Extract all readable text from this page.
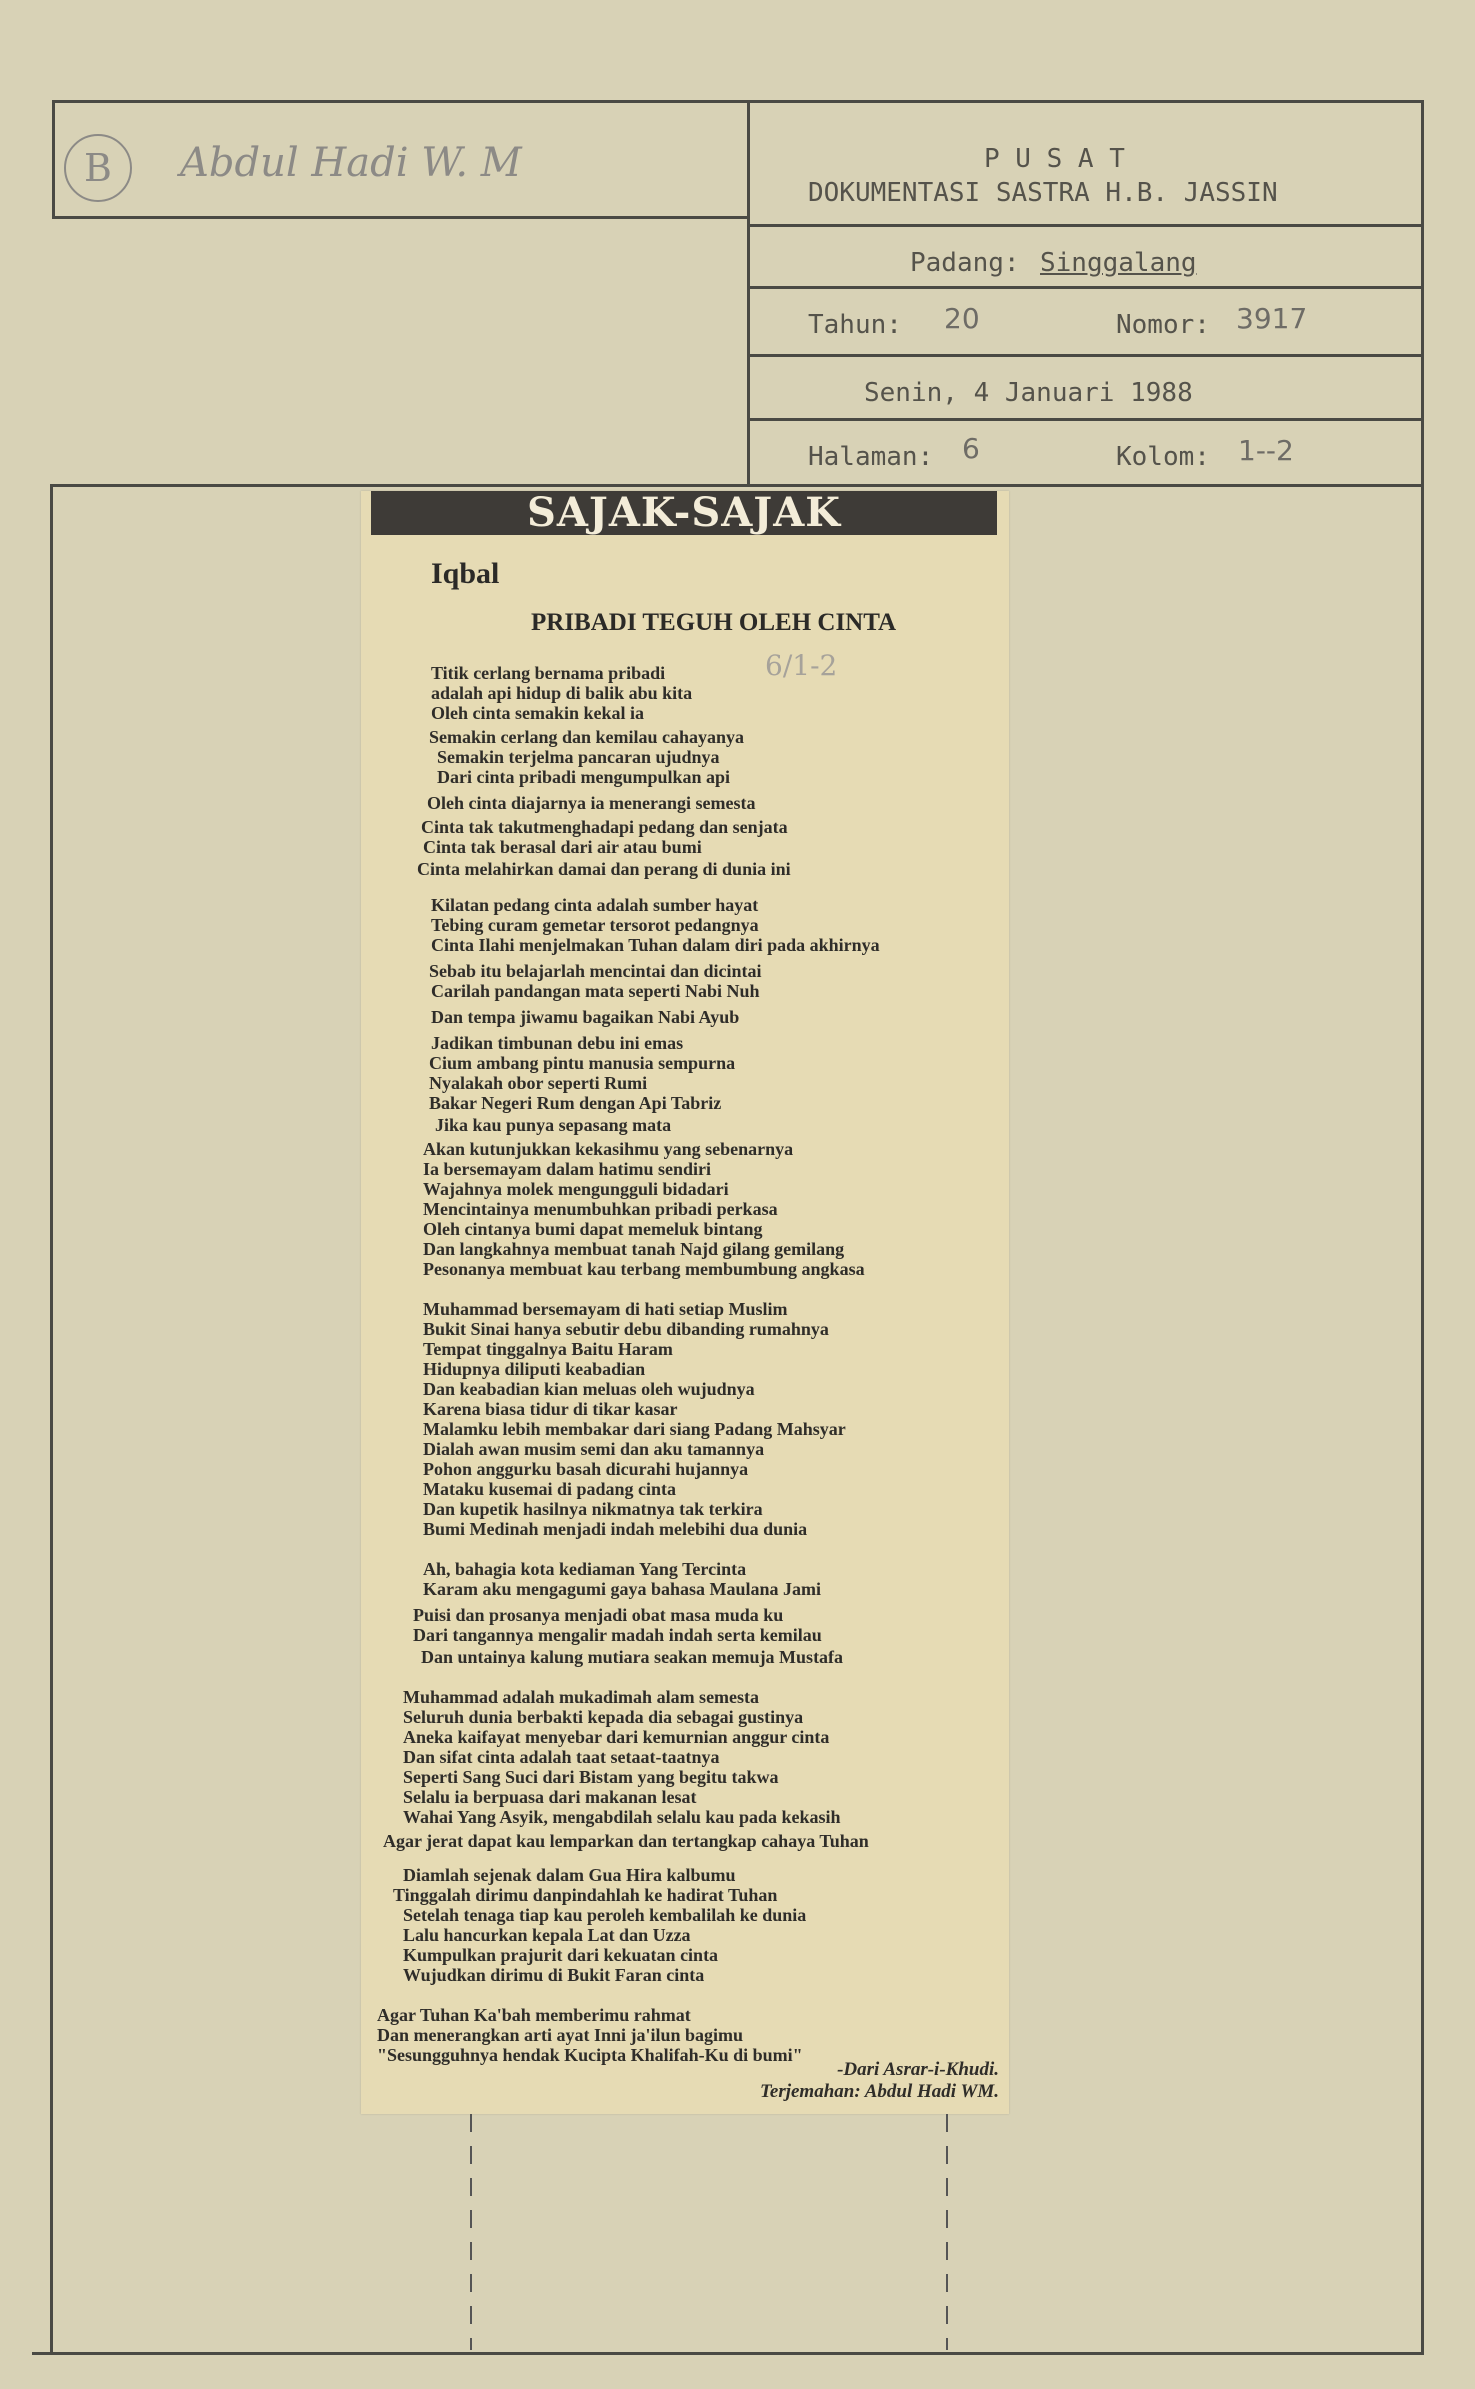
B	Abdul Hadi W. M	P U S A T
DOKUMENTASI SASTRA H.B. JASSIN
Padang: Singgalang
Tahun: 20	Nomor: 3917
Senin, 4 Januari 1988
Halaman: 6	Kolom: 1--2
SAJAK-SAJAK
Iqbal
PRIBADI TEGUH OLEH CINTA
6/1-2
Titik cerlang bernama pribadi
adalah api hidup di balik abu kita
Oleh cinta semakin kekal ia
Semakin cerlang dan kemilau cahayanya
Semakin terjelma pancaran ujudnya
Dari cinta pribadi mengumpulkan api
Oleh cinta diajarnya ia menerangi semesta
Cinta tak takutmenghadapi pedang dan senjata
Cinta tak berasal dari air atau bumi
Cinta melahirkan damai dan perang di dunia ini
Kilatan pedang cinta adalah sumber hayat
Tebing curam gemetar tersorot pedangnya
Cinta Ilahi menjelmakan Tuhan dalam diri pada akhirnya
Sebab itu belajarlah mencintai dan dicintai
Carilah pandangan mata seperti Nabi Nuh
Dan tempa jiwamu bagaikan Nabi Ayub
Jadikan timbunan debu ini emas
Cium ambang pintu manusia sempurna
Nyalakah obor seperti Rumi
Bakar Negeri Rum dengan Api Tabriz
Jika kau punya sepasang mata
Akan kutunjukkan kekasihmu yang sebenarnya
Ia bersemayam dalam hatimu sendiri
Wajahnya molek mengungguli bidadari
Mencintainya menumbuhkan pribadi perkasa
Oleh cintanya bumi dapat memeluk bintang
Dan langkahnya membuat tanah Najd gilang gemilang
Pesonanya membuat kau terbang membumbung angkasa
Muhammad bersemayam di hati setiap Muslim
Bukit Sinai hanya sebutir debu dibanding rumahnya
Tempat tinggalnya Baitu Haram
Hidupnya diliputi keabadian
Dan keabadian kian meluas oleh wujudnya
Karena biasa tidur di tikar kasar
Malamku lebih membakar dari siang Padang Mahsyar
Dialah awan musim semi dan aku tamannya
Pohon anggurku basah dicurahi hujannya
Mataku kusemai di padang cinta
Dan kupetik hasilnya nikmatnya tak terkira
Bumi Medinah menjadi indah melebihi dua dunia
Ah, bahagia kota kediaman Yang Tercinta
Karam aku mengagumi gaya bahasa Maulana Jami
Puisi dan prosanya menjadi obat masa muda ku
Dari tangannya mengalir madah indah serta kemilau
Dan untainya kalung mutiara seakan memuja Mustafa
Muhammad adalah mukadimah alam semesta
Seluruh dunia berbakti kepada dia sebagai gustinya
Aneka kaifayat menyebar dari kemurnian anggur cinta
Dan sifat cinta adalah taat setaat-taatnya
Seperti Sang Suci dari Bistam yang begitu takwa
Selalu ia berpuasa dari makanan lesat
Wahai Yang Asyik, mengabdilah selalu kau pada kekasih
Agar jerat dapat kau lemparkan dan tertangkap cahaya Tuhan
Diamlah sejenak dalam Gua Hira kalbumu
Tinggalah dirimu danpindahlah ke hadirat Tuhan
Setelah tenaga tiap kau peroleh kembalilah ke dunia
Lalu hancurkan kepala Lat dan Uzza
Kumpulkan prajurit dari kekuatan cinta
Wujudkan dirimu di Bukit Faran cinta
Agar Tuhan Ka'bah memberimu rahmat
Dan menerangkan arti ayat Inni ja'ilun bagimu
"Sesungguhnya hendak Kucipta Khalifah-Ku di bumi"
-Dari Asrar-i-Khudi.
Terjemahan: Abdul Hadi WM.
